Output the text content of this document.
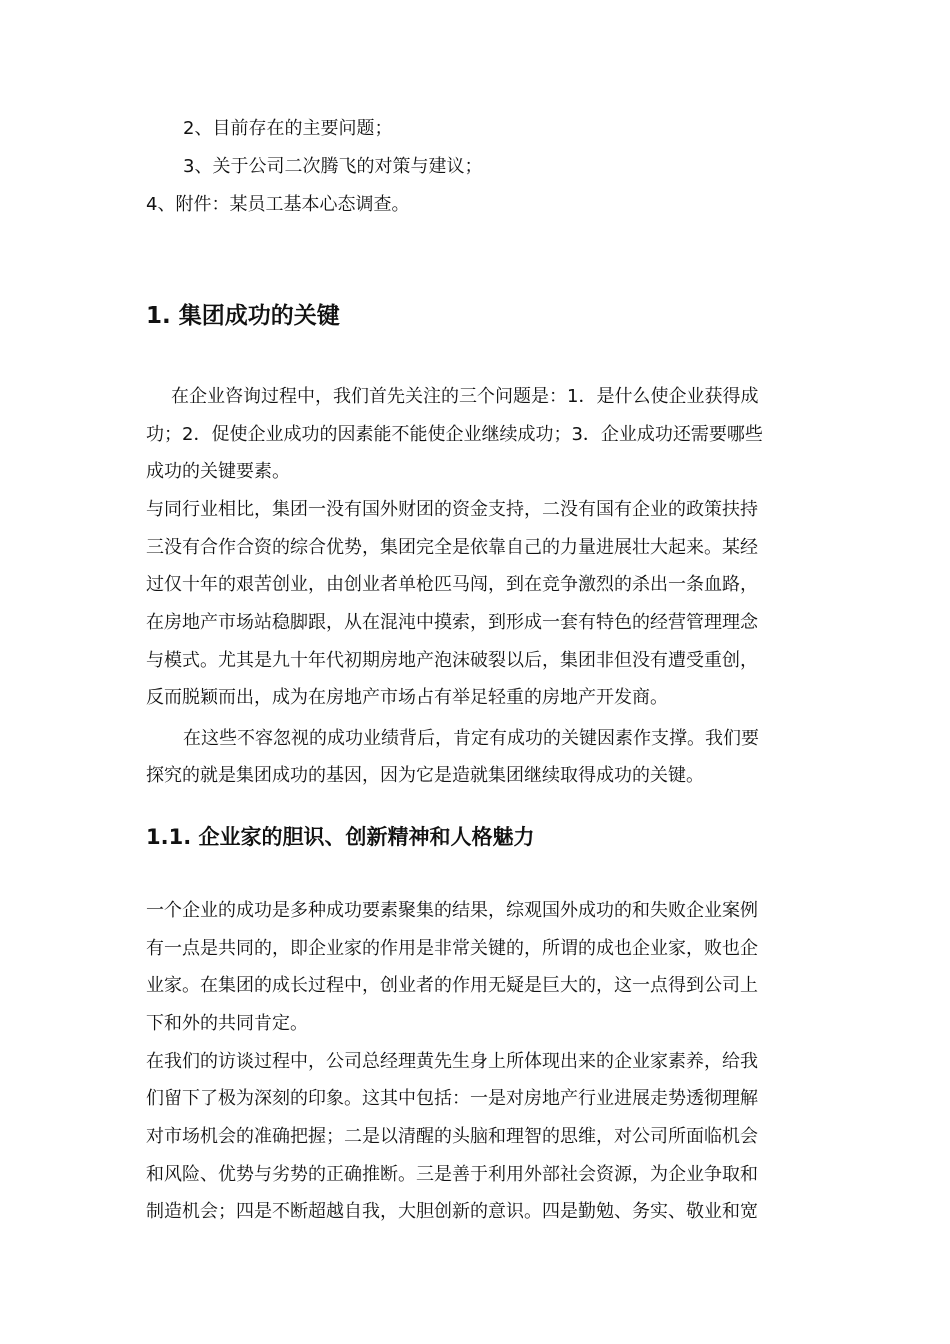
2、目前存在的主要问题；
3、关于公司二次腾飞的对策与建议；
4、附件：某员工基本心态调查。
1. 集团成功的关键
在企业咨询过程中，我们首先关注的三个问题是：1．是什么使企业获得成
功；2．促使企业成功的因素能不能使企业继续成功；3．企业成功还需要哪些
成功的关键要素。
与同行业相比，集团一没有国外财团的资金支持，二没有国有企业的政策扶持
三没有合作合资的综合优势，集团完全是依靠自己的力量进展壮大起来。某经
过仅十年的艰苦创业，由创业者单枪匹马闯，到在竞争激烈的杀出一条血路，
在房地产市场站稳脚跟，从在混沌中摸索，到形成一套有特色的经营管理理念
与模式。尤其是九十年代初期房地产泡沫破裂以后，集团非但没有遭受重创，
反而脱颖而出，成为在房地产市场占有举足轻重的房地产开发商。
在这些不容忽视的成功业绩背后，肯定有成功的关键因素作支撑。我们要
探究的就是集团成功的基因，因为它是造就集团继续取得成功的关键。
1.1. 企业家的胆识、创新精神和人格魅力
一个企业的成功是多种成功要素聚集的结果，综观国外成功的和失败企业案例
有一点是共同的，即企业家的作用是非常关键的，所谓的成也企业家，败也企
业家。在集团的成长过程中，创业者的作用无疑是巨大的，这一点得到公司上
下和外的共同肯定。
在我们的访谈过程中，公司总经理黄先生身上所体现出来的企业家素养，给我
们留下了极为深刻的印象。这其中包括：一是对房地产行业进展走势透彻理解
对市场机会的准确把握；二是以清醒的头脑和理智的思维，对公司所面临机会
和风险、优势与劣势的正确推断。三是善于利用外部社会资源，为企业争取和
制造机会；四是不断超越自我，大胆创新的意识。四是勤勉、务实、敬业和宽
